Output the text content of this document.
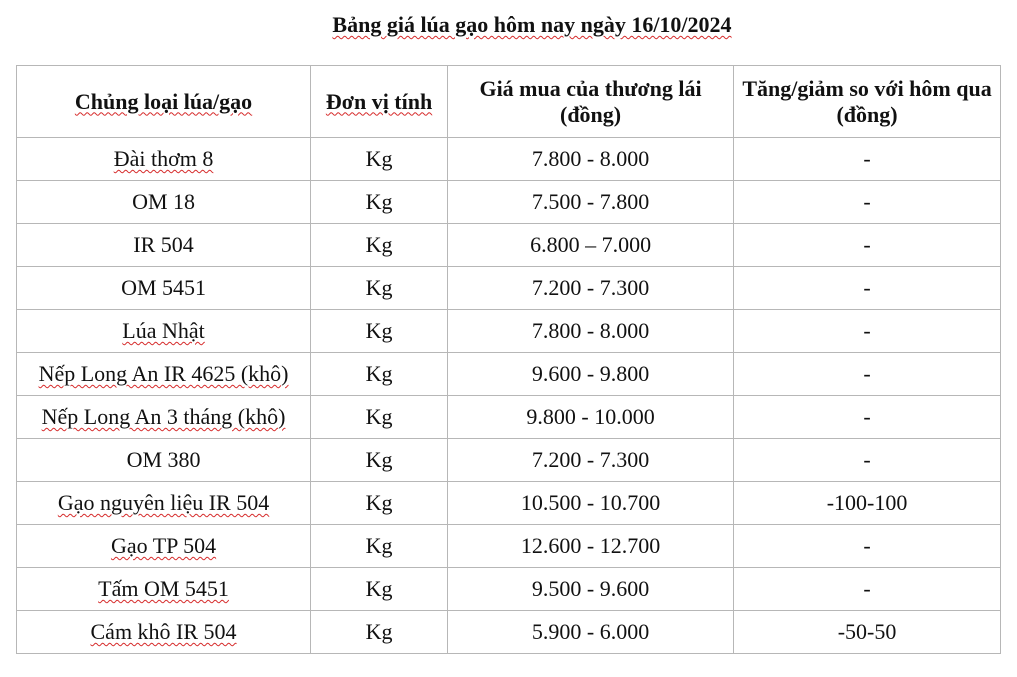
Bảng giá lúa gạo hôm nay ngày 16/10/2024
Chủng loại lúa/gạo	Đơn vị tính	Giá mua của thương lái (đồng)	Tăng/giảm so với hôm qua (đồng)
Đài thơm 8	Kg	7.800 - 8.000	-
OM 18	Kg	7.500 - 7.800	-
IR 504	Kg	6.800 – 7.000	-
OM 5451	Kg	7.200 - 7.300	-
Lúa Nhật	Kg	7.800 - 8.000	-
Nếp Long An IR 4625 (khô)	Kg	9.600 - 9.800	-
Nếp Long An 3 tháng (khô)	Kg	9.800 - 10.000	-
OM 380	Kg	7.200 - 7.300	-
Gạo nguyên liệu IR 504	Kg	10.500 - 10.700	-100-100
Gạo TP 504	Kg	12.600 - 12.700	-
Tấm OM 5451	Kg	9.500 - 9.600	-
Cám khô IR 504	Kg	5.900 - 6.000	-50-50
